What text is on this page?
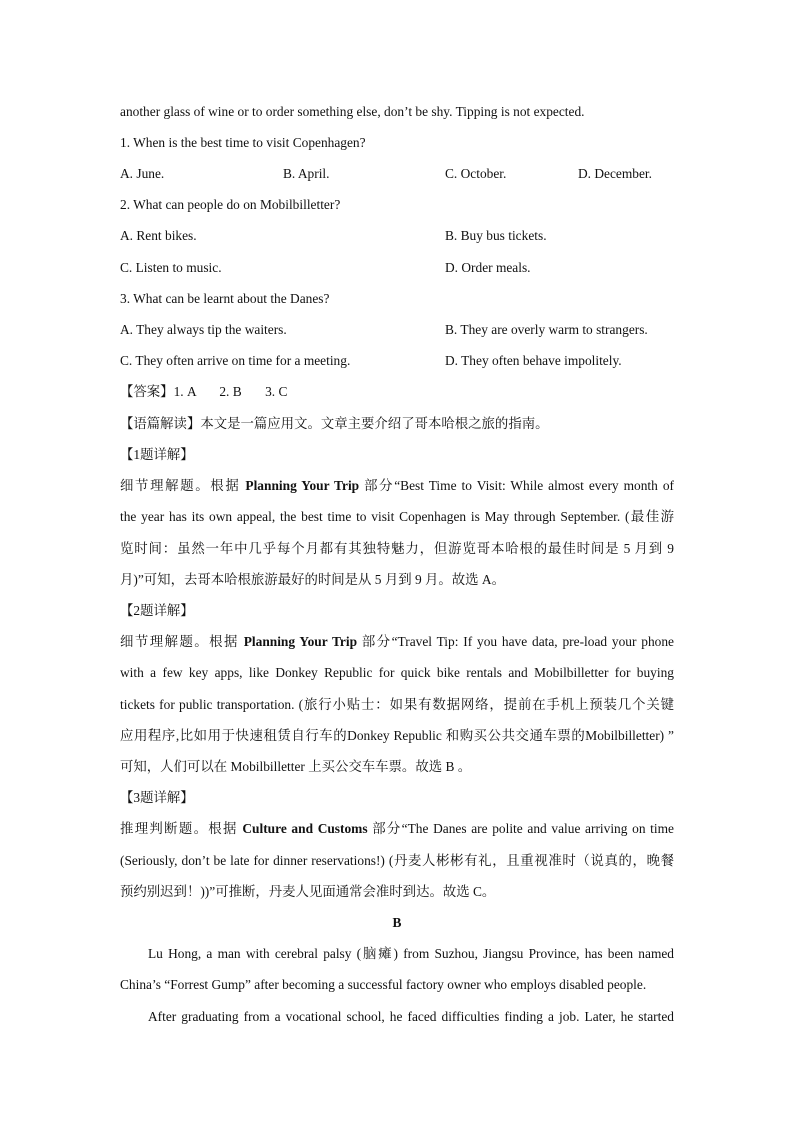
another glass of wine or to order something else, don’t be shy. Tipping is not expected.
1. When is the best time to visit Copenhagen?
A. June.	B. April.	C. October.	D. December.
2. What can people do on Mobilbilletter?
A. Rent bikes.	B. Buy bus tickets.
C. Listen to music.	D. Order meals.
3. What can be learnt about the Danes?
A. They always tip the waiters.	B. They are overly warm to strangers.
C. They often arrive on time for a meeting.	D. They often behave impolitely.
【答案】1. A       2. B       3. C
【语篇解读】本文是一篇应用文。文章主要介绍了哥本哈根之旅的指南。
【1题详解】
细节理解题。根据 Planning Your Trip 部分“Best Time to Visit: While almost every month of
the year has its own appeal, the best time to visit Copenhagen is May through September. (最佳游
览时间：虽然一年中几乎每个月都有其独特魅力，但游览哥本哈根的最佳时间是 5 月到 9
月)”可知，去哥本哈根旅游最好的时间是从 5 月到 9 月。故选 A。
【2题详解】
细节理解题。根据 Planning Your Trip 部分“Travel Tip: If you have data, pre-load your phone
with a few key apps, like Donkey Republic for quick bike rentals and Mobilbilletter for buying
tickets for public transportation. (旅行小贴士：如果有数据网络，提前在手机上预装几个关键
应用程序,比如用于快速租赁自行车的Donkey Republic 和购买公共交通车票的Mobilbilletter) ”
可知，人们可以在 Mobilbilletter 上买公交车车票。故选 B 。
【3题详解】
推理判断题。根据 Culture and Customs 部分“The Danes are polite and value arriving on time
(Seriously, don’t be late for dinner reservations!) (丹麦人彬彬有礼，且重视准时（说真的，晚餐
预约别迟到！))”可推断，丹麦人见面通常会准时到达。故选 C。
B
Lu Hong, a man with cerebral palsy (脑瘫) from Suzhou, Jiangsu Province, has been named
China’s “Forrest Gump” after becoming a successful factory owner who employs disabled people.
After graduating from a vocational school, he faced difficulties finding a job. Later, he started
